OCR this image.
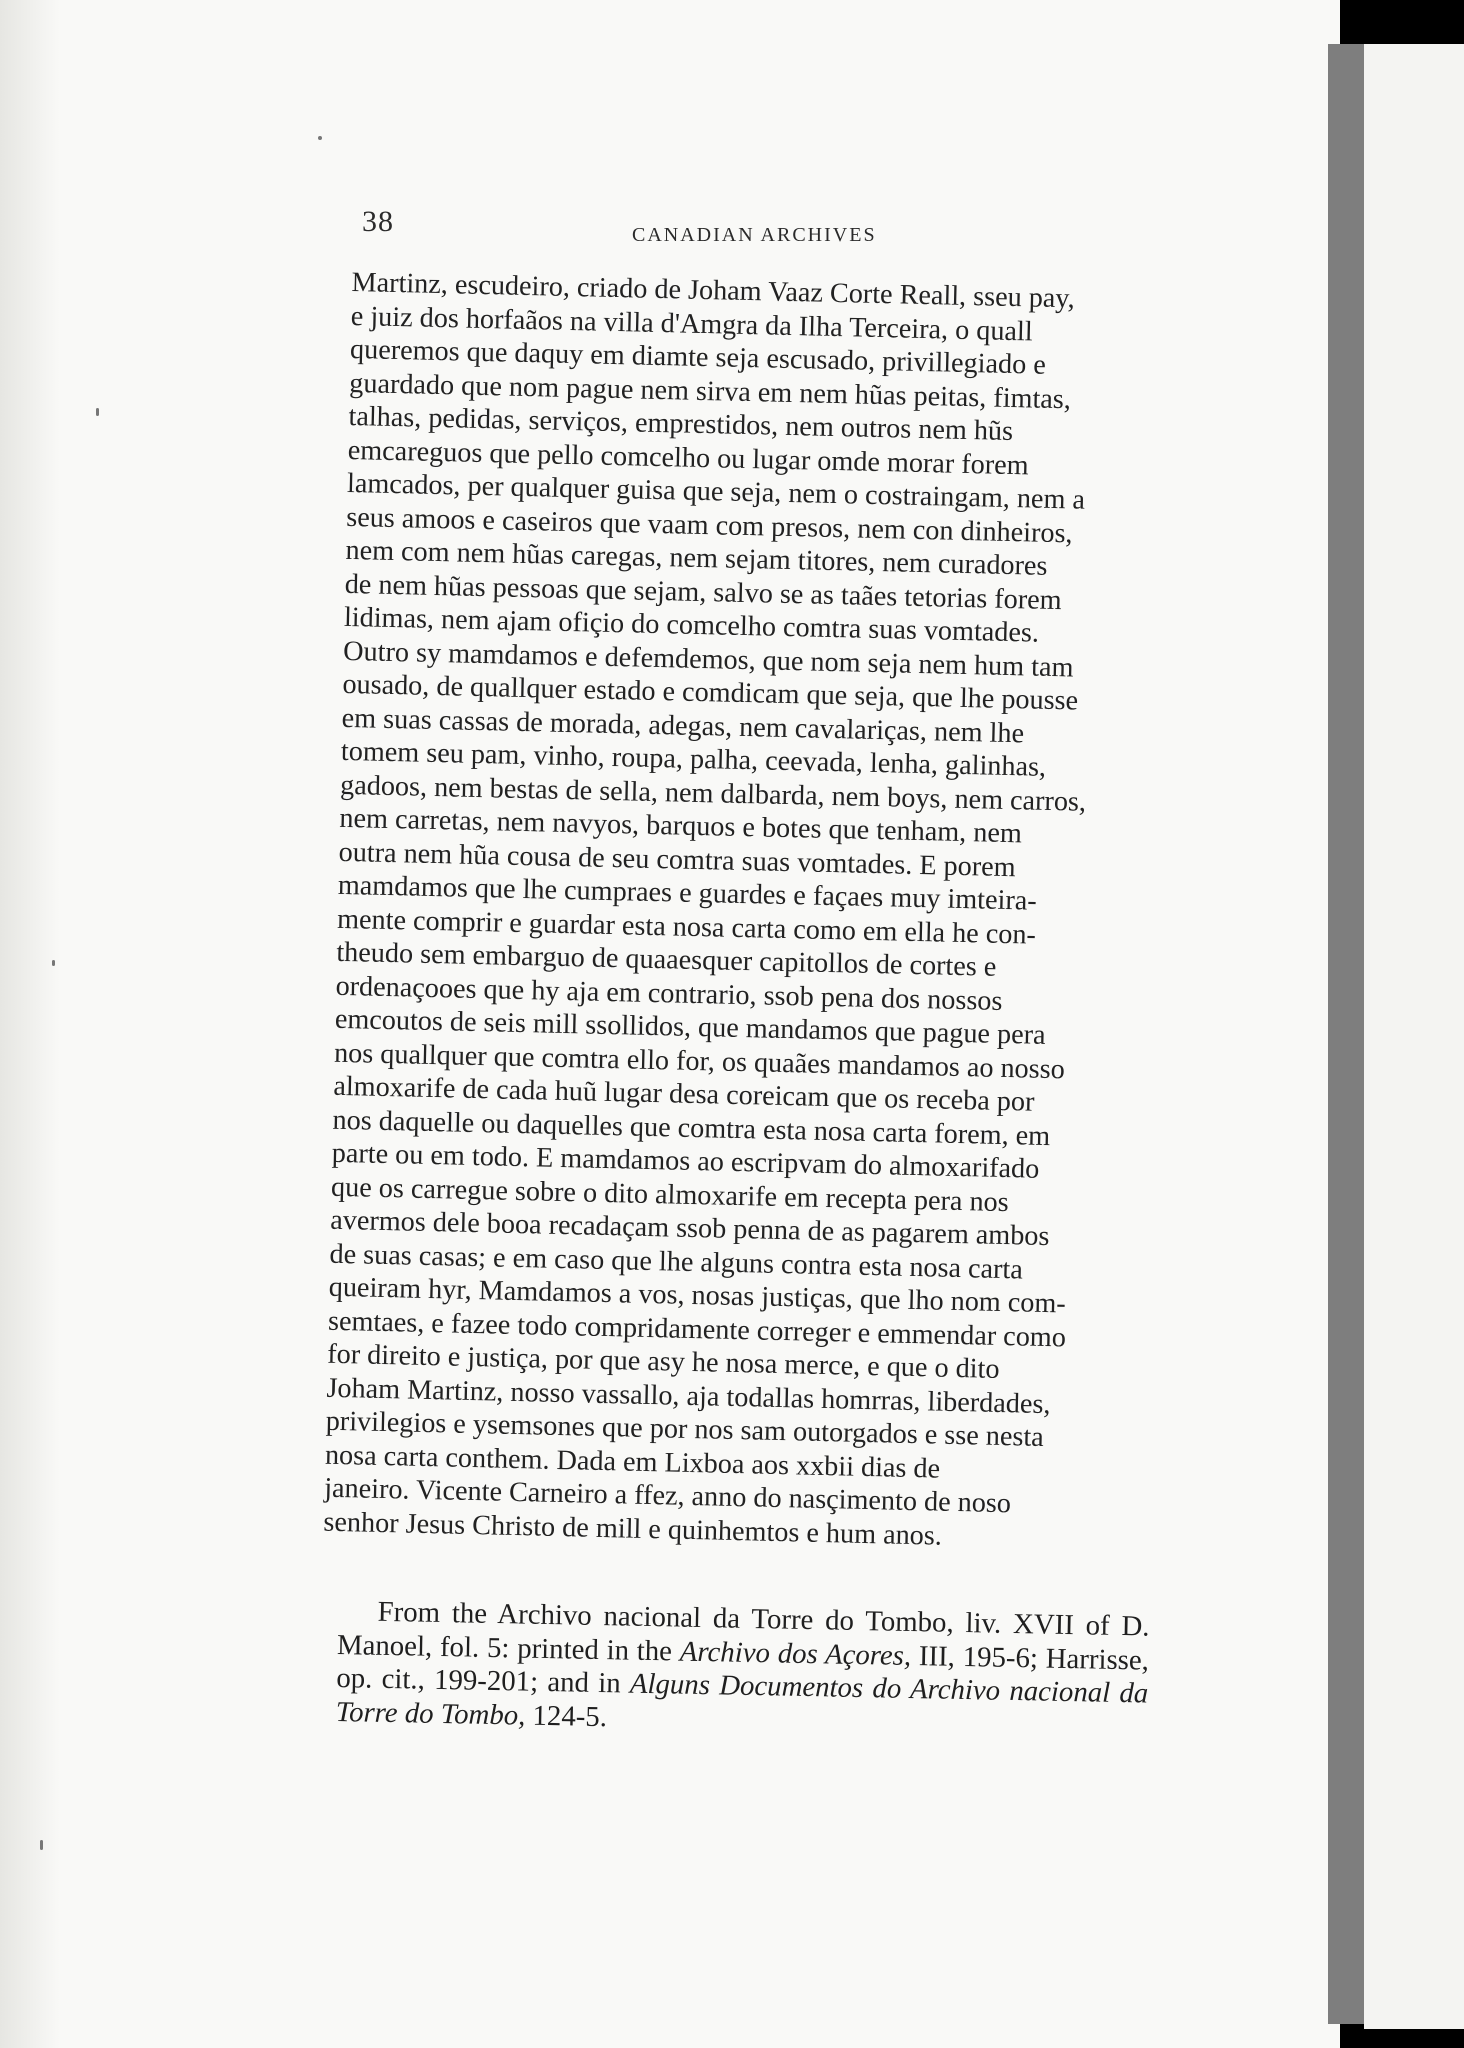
38	CANADIAN ARCHIVES
Martinz, escudeiro, criado de Joham Vaaz Corte Reall, sseu pay,
e juiz dos horfaãos na villa d'Amgra da Ilha Terceira, o quall
queremos que daquy em diamte seja escusado, privillegiado e
guardado que nom pague nem sirva em nem hũas peitas, fimtas,
talhas, pedidas, serviços, emprestidos, nem outros nem hũs
emcareguos que pello comcelho ou lugar omde morar forem
lamcados, per qualquer guisa que seja, nem o costraingam, nem a
seus amoos e caseiros que vaam com presos, nem con dinheiros,
nem com nem hũas caregas, nem sejam titores, nem curadores
de nem hũas pessoas que sejam, salvo se as taães tetorias forem
lidimas, nem ajam ofiçio do comcelho comtra suas vomtades.
Outro sy mamdamos e defemdemos, que nom seja nem hum tam
ousado, de quallquer estado e comdicam que seja, que lhe pousse
em suas cassas de morada, adegas, nem cavalariças, nem lhe
tomem seu pam, vinho, roupa, palha, ceevada, lenha, galinhas,
gadoos, nem bestas de sella, nem dalbarda, nem boys, nem carros,
nem carretas, nem navyos, barquos e botes que tenham, nem
outra nem hũa cousa de seu comtra suas vomtades. E porem
mamdamos que lhe cumpraes e guardes e façaes muy imteira-
mente comprir e guardar esta nosa carta como em ella he con-
theudo sem embarguo de quaaesquer capitollos de cortes e
ordenaçooes que hy aja em contrario, ssob pena dos nossos
emcoutos de seis mill ssollidos, que mandamos que pague pera
nos quallquer que comtra ello for, os quaães mandamos ao nosso
almoxarife de cada huũ lugar desa coreicam que os receba por
nos daquelle ou daquelles que comtra esta nosa carta forem, em
parte ou em todo. E mamdamos ao escripvam do almoxarifado
que os carregue sobre o dito almoxarife em recepta pera nos
avermos dele booa recadaçam ssob penna de as pagarem ambos
de suas casas; e em caso que lhe alguns contra esta nosa carta
queiram hyr, Mamdamos a vos, nosas justiças, que lho nom com-
semtaes, e fazee todo compridamente correger e emmendar como
for direito e justiça, por que asy he nosa merce, e que o dito
Joham Martinz, nosso vassallo, aja todallas homrras, liberdades,
privilegios e ysemsones que por nos sam outorgados e sse nesta
nosa carta conthem. Dada em Lixboa aos xxbii dias de
janeiro. Vicente Carneiro a ffez, anno do nasçimento de noso
senhor Jesus Christo de mill e quinhemtos e hum anos.

From the Archivo nacional da Torre do Tombo, liv. XVII of D. Manoel, fol. 5: printed in the Archivo dos Açores, III, 195-6; Harrisse, op. cit., 199-201; and in Alguns Documentos do Archivo nacional da Torre do Tombo, 124-5.
